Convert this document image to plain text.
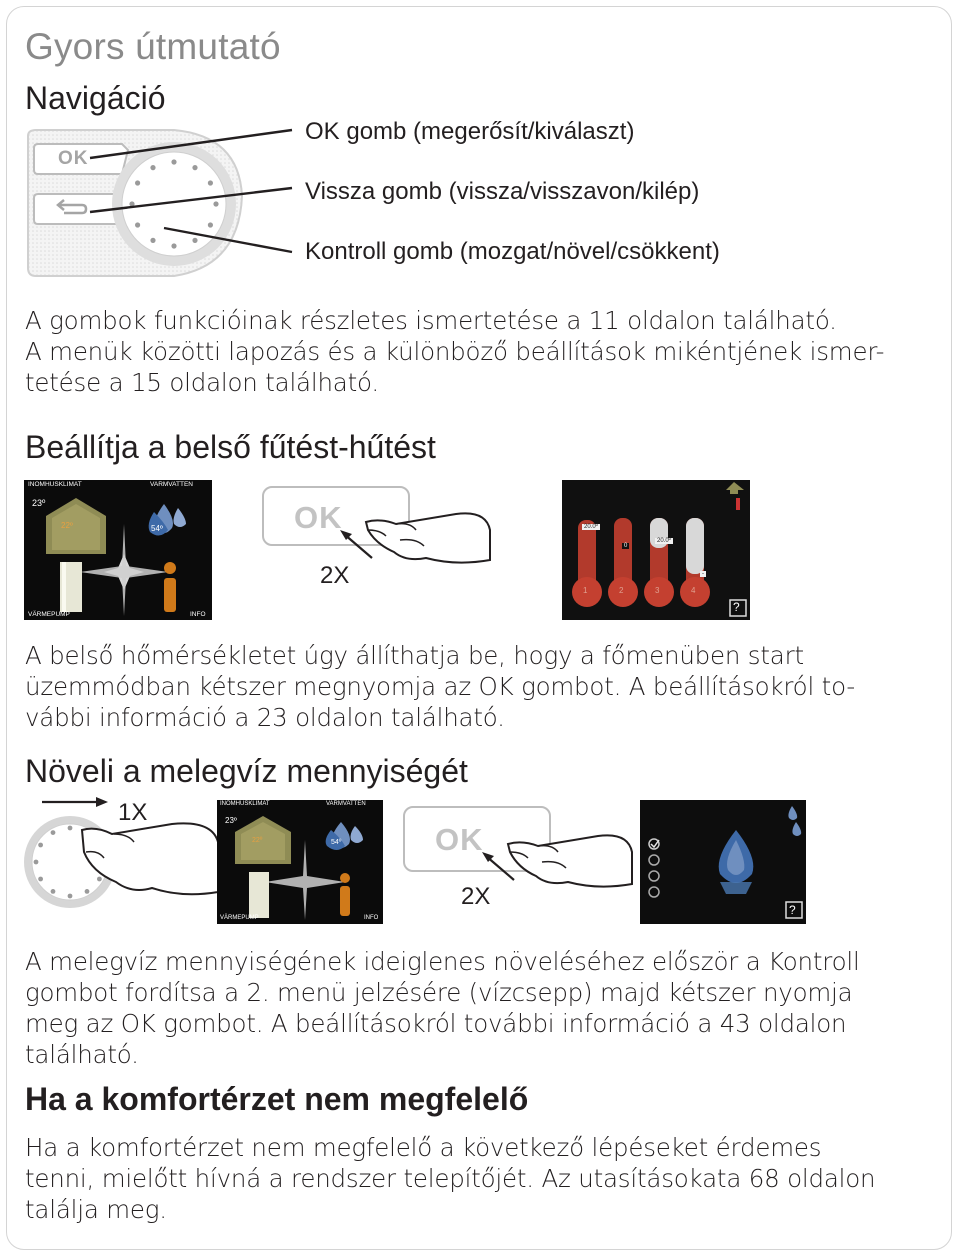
Gyors útmutató
Navigáció
OK
OK gomb (megerősít/kiválaszt)
Vissza gomb (vissza/visszavon/kilép)
Kontroll gomb (mozgat/növel/csökkent)
A gombok funkcióinak részletes ismertetése a 11 oldalon található.
A menük közötti lapozás és a különböző beállítások mikéntjének ismer-
tetése a 15 oldalon található.
Beállítja a belső fűtést-hűtést
INOMHUSKLIMAT	VARMVATTEN
VÄRMEPUMP	INFO
23º
22º	54º	OK
2X
20.0º
0
20.0º
-
1	2	3	4
?
A belső hőmérsékletet úgy állíthatja be, hogy a főmenüben start
üzemmódban kétszer megnyomja az OK gombot. A beállításokról to-
vábbi információ a 23 oldalon található.
Növeli a melegvíz mennyiségét
1X	INOMHUSKLIMAT	VARMVATTEN
VÄRMEPUMP	INFO
23º
22º	54º	OK
2X	?
A melegvíz mennyiségének ideiglenes növeléséhez először a Kontroll
gombot fordítsa a 2. menü jelzésére (vízcsepp) majd kétszer nyomja
meg az OK gombot. A beállításokról további információ a 43 oldalon
található.
Ha a komfortérzet nem megfelelő
Ha a komfortérzet nem megfelelő a következő lépéseket érdemes
tenni, mielőtt hívná a rendszer telepítőjét. Az utasításokata 68 oldalon
találja meg.
